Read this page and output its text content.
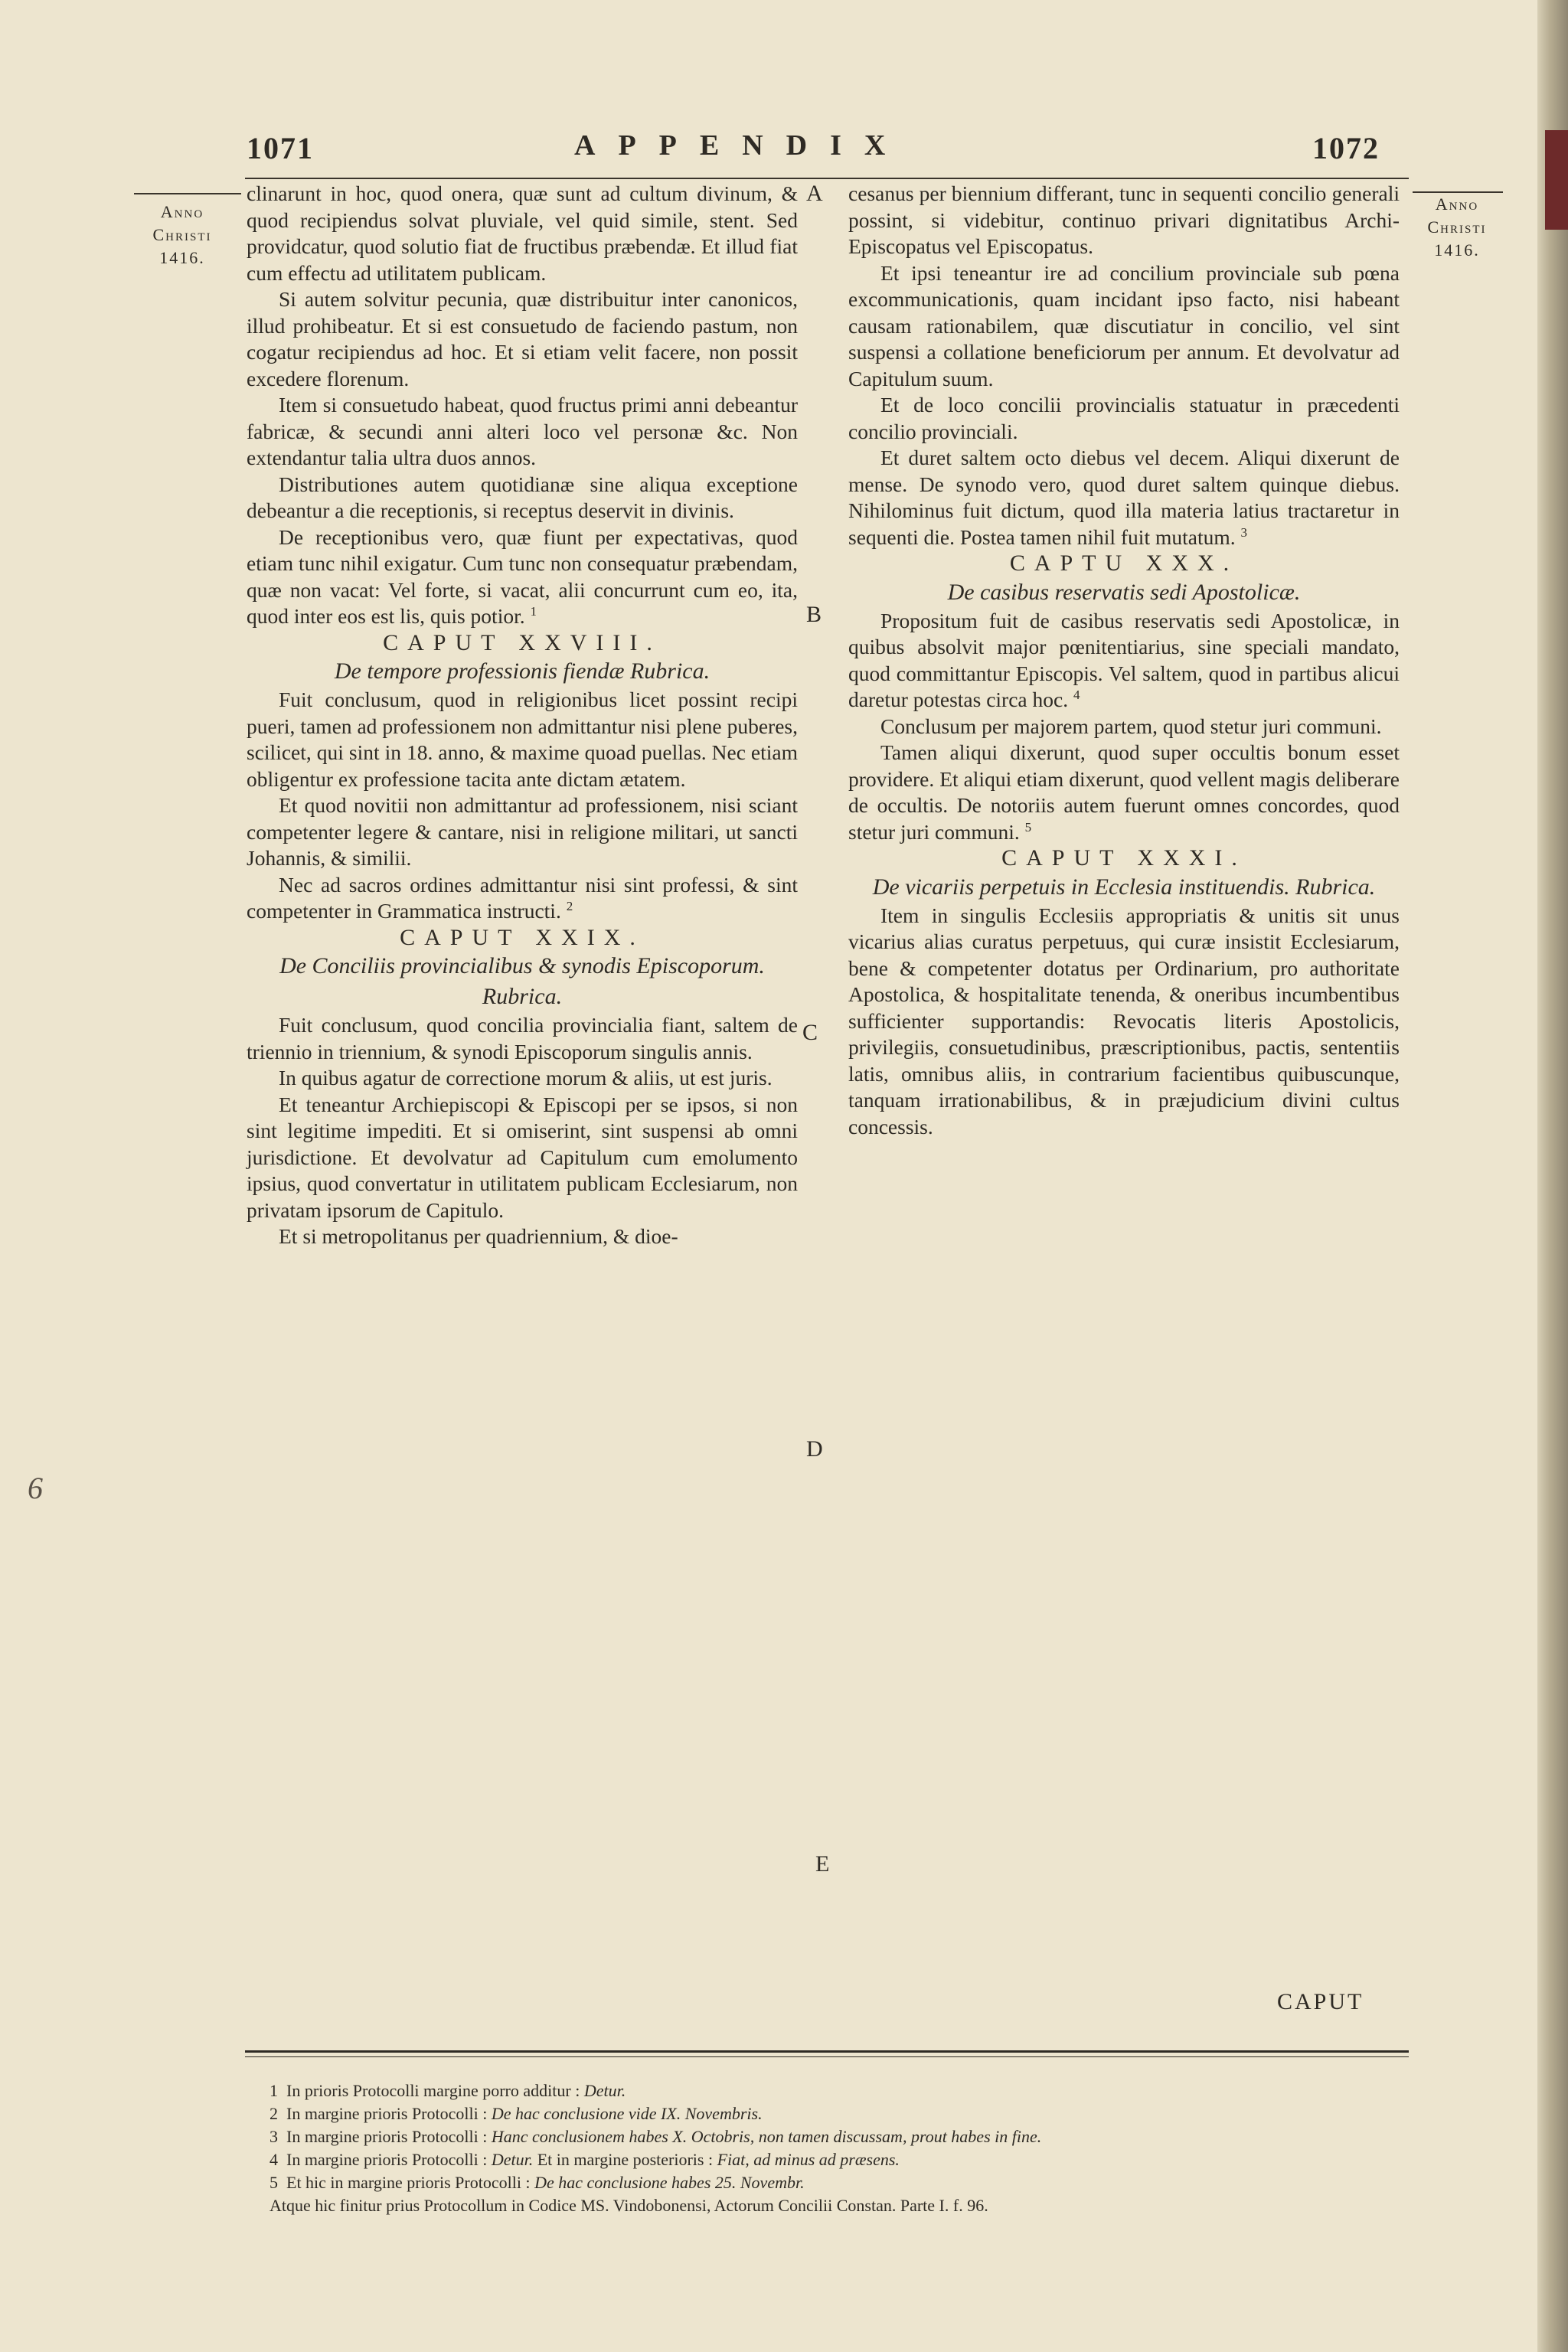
1071	APPENDIX	1072
Anno
Christi
1416.
Anno
Christi
1416.
A
B
C
D
E
6

clinarunt in hoc, quod onera, quæ sunt ad cultum divinum, & quod recipiendus solvat pluviale, vel quid simile, stent. Sed providcatur, quod solutio fiat de fructibus præbendæ. Et illud fiat cum effectu ad utilitatem publicam.

Si autem solvitur pecunia, quæ distribuitur inter canonicos, illud prohibeatur. Et si est consuetudo de faciendo pastum, non cogatur recipiendus ad hoc. Et si etiam velit facere, non possit excedere florenum.

Item si consuetudo habeat, quod fructus primi anni debeantur fabricæ, & secundi anni alteri loco vel personæ &c. Non extendantur talia ultra duos annos.

Distributiones autem quotidianæ sine aliqua exceptione debeantur a die receptionis, si receptus deservit in divinis.

De receptionibus vero, quæ fiunt per expectativas, quod etiam tunc nihil exigatur. Cum tunc non consequatur præbendam, quæ non vacat: Vel forte, si vacat, alii concurrunt cum eo, ita, quod inter eos est lis, quis potior. $^1$

CAPUT XXVIII.

De tempore professionis fiendæ Rubrica.

Fuit conclusum, quod in religionibus licet possint recipi pueri, tamen ad professionem non admittantur nisi plene puberes, scilicet, qui sint in 18. anno, & maxime quoad puellas. Nec etiam obligentur ex professione tacita ante dictam ætatem.

Et quod novitii non admittantur ad professionem, nisi sciant competenter legere & cantare, nisi in religione militari, ut sancti Johannis, & similii.

Nec ad sacros ordines admittantur nisi sint professi, & sint competenter in Grammatica instructi. $^2$

CAPUT XXIX.

De Conciliis provincialibus & synodis Episcoporum. Rubrica.

Fuit conclusum, quod concilia provincialia fiant, saltem de triennio in triennium, & synodi Episcoporum singulis annis.

In quibus agatur de correctione morum & aliis, ut est juris.

Et teneantur Archiepiscopi & Episcopi per se ipsos, si non sint legitime impediti. Et si omiserint, sint suspensi ab omni jurisdictione. Et devolvatur ad Capitulum cum emolumento ipsius, quod convertatur in utilitatem publicam Ecclesiarum, non privatam ipsorum de Capitulo.

Et si metropolitanus per quadriennium, & dioe-

cesanus per biennium differant, tunc in sequenti concilio generali possint, si videbitur, continuo privari dignitatibus Archi-Episcopatus vel Episcopatus.

Et ipsi teneantur ire ad concilium provinciale sub pœna excommunicationis, quam incidant ipso facto, nisi habeant causam rationabilem, quæ discutiatur in concilio, vel sint suspensi a collatione beneficiorum per annum. Et devolvatur ad Capitulum suum.

Et de loco concilii provincialis statuatur in præcedenti concilio provinciali.

Et duret saltem octo diebus vel decem. Aliqui dixerunt de mense. De synodo vero, quod duret saltem quinque diebus. Nihilominus fuit dictum, quod illa materia latius tractaretur in sequenti die. Postea tamen nihil fuit mutatum. $^3$

CAPTU XXX.

De casibus reservatis sedi Apostolicæ.

Propositum fuit de casibus reservatis sedi Apostolicæ, in quibus absolvit major pœnitentiarius, sine speciali mandato, quod committantur Episcopis. Vel saltem, quod in partibus alicui daretur potestas circa hoc. $^4$

Conclusum per majorem partem, quod stetur juri communi.

Tamen aliqui dixerunt, quod super occultis bonum esset providere. Et aliqui etiam dixerunt, quod vellent magis deliberare de occultis. De notoriis autem fuerunt omnes concordes, quod stetur juri communi. $^5$

CAPUT XXXI.

De vicariis perpetuis in Ecclesia instituendis. Rubrica.

Item in singulis Ecclesiis appropriatis & unitis sit unus vicarius alias curatus perpetuus, qui curæ insistit Ecclesiarum, bene & competenter dotatus per Ordinarium, pro authoritate Apostolica, & hospitalitate tenenda, & oneribus incumbentibus sufficienter supportandis: Revocatis literis Apostolicis, privilegiis, consuetudinibus, præscriptionibus, pactis, sententiis latis, omnibus aliis, in contrarium facientibus quibuscunque, tanquam irrationabilibus, & in præjudicium divini cultus concessis.

CAPUT

1 In prioris Protocolli margine porro additur : Detur.

2 In margine prioris Protocolli : De hac conclusione vide IX. Novembris.

3 In margine prioris Protocolli : Hanc conclusionem habes X. Octobris, non tamen discussam, prout habes in fine.

4 In margine prioris Protocolli : Detur. Et in margine posterioris : Fiat, ad minus ad præsens.

5 Et hic in margine prioris Protocolli : De hac conclusione habes 25. Novembr.

Atque hic finitur prius Protocollum in Codice MS. Vindobonensi, Actorum Concilii Constan. Parte I. f. 96.
